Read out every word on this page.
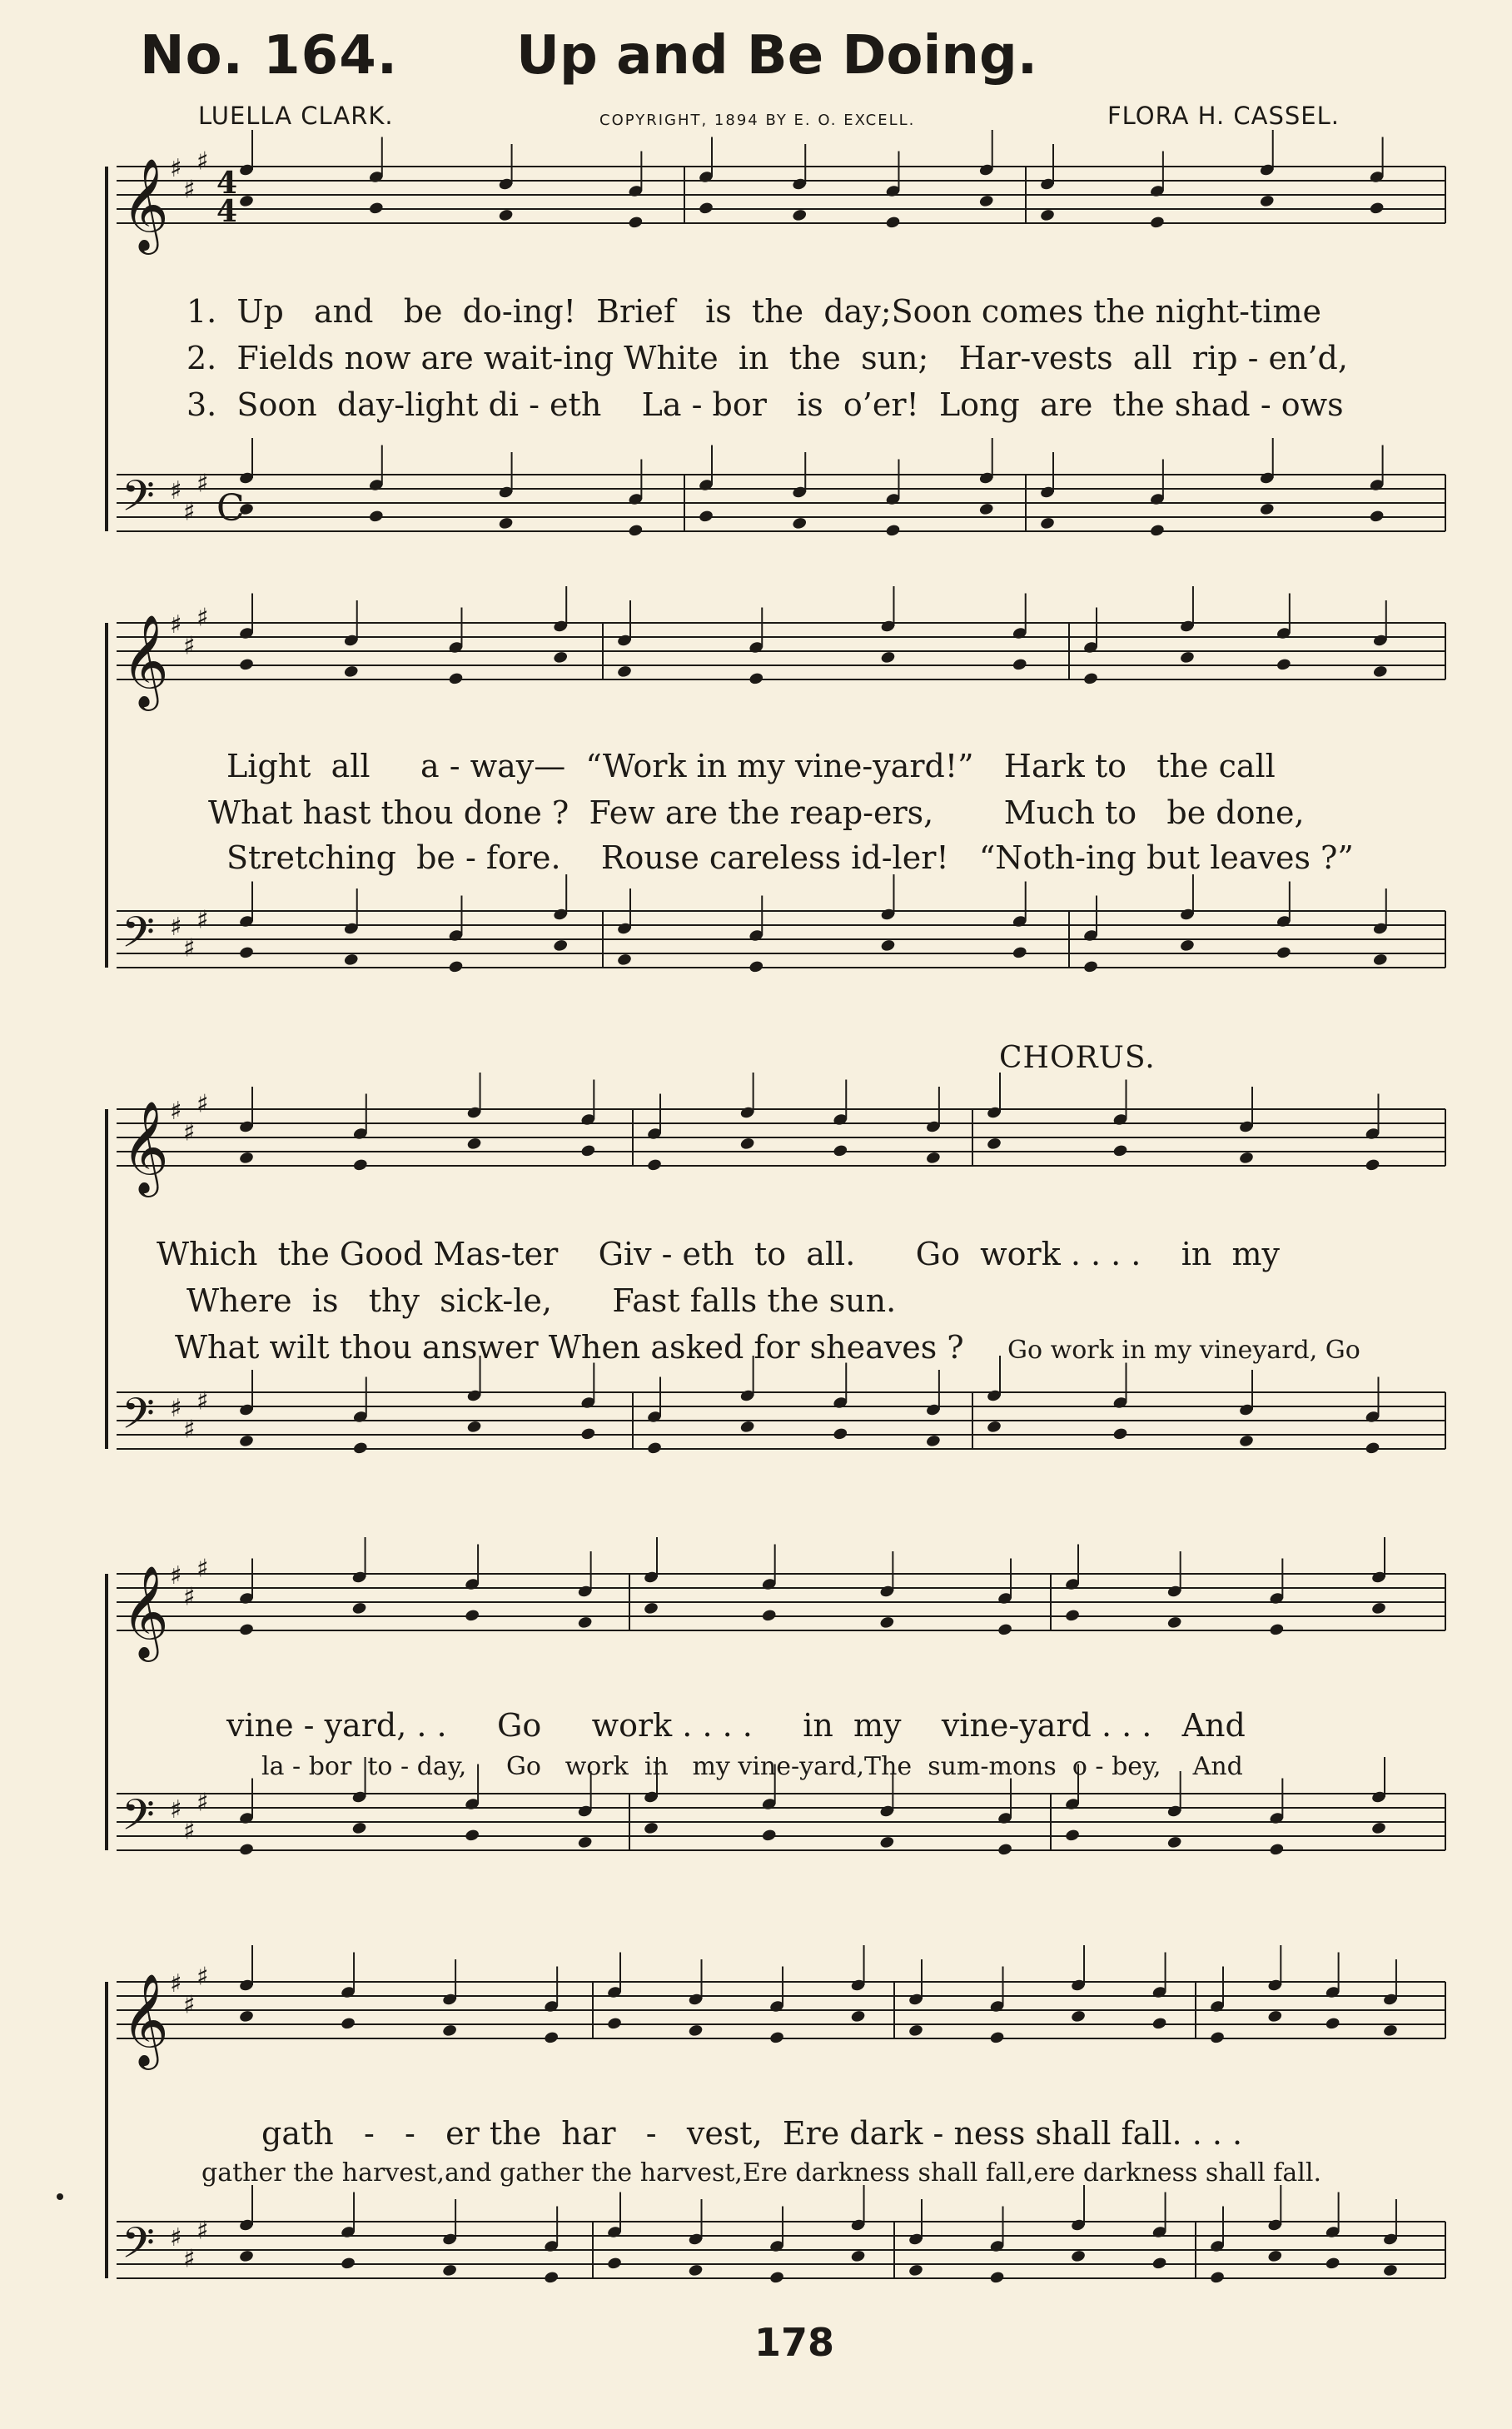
No. 164. Up and Be Doing.
LUELLA CLARK.	COPYRIGHT, 1894 BY E. O. EXCELL.	FLORA H. CASSEL.
𝄞 ♯
♯
♯
𝄢 ♯
♯
♯
4
4
C
𝄞 ♯
♯
♯
𝄢 ♯
♯
♯
𝄞 ♯
♯
♯
𝄢 ♯
♯
♯
𝄞 ♯
♯
♯
𝄢 ♯
♯
♯
𝄞 ♯
♯
♯
𝄢 ♯
♯
♯
1.  Up   and   be  do-ing!  Brief   is  the  day;Soon comes the night-time
2.  Fields now are wait-ing White  in  the  sun;   Har-vests  all  rip - en’d,
3.  Soon  day-light di - eth    La - bor   is  o’er!  Long  are  the shad - ows
Light  all     a - way—  “Work in my vine-yard!”   Hark to   the call
What hast thou done ?  Few are the reap-ers,       Much to   be done,
Stretching  be - fore.    Rouse careless id-ler!   “Noth-ing but leaves ?”
CHORUS.
Which  the Good Mas-ter    Giv - eth  to  all.      Go  work . . . .    in  my
Where  is   thy  sick-le,      Fast falls the sun.
What wilt thou answer When asked for sheaves ? Go work in my vineyard, Go
vine - yard, . .     Go     work . . . .     in  my    vine-yard . . .   And
la - bor  to - day,     Go   work  in   my vine-yard,The  sum-mons  o - bey,    And
gath   -   -   er the  har   -   vest,  Ere dark - ness shall fall. . . .
gather the harvest,and gather the harvest,Ere darkness shall fall,ere darkness shall fall.
178
